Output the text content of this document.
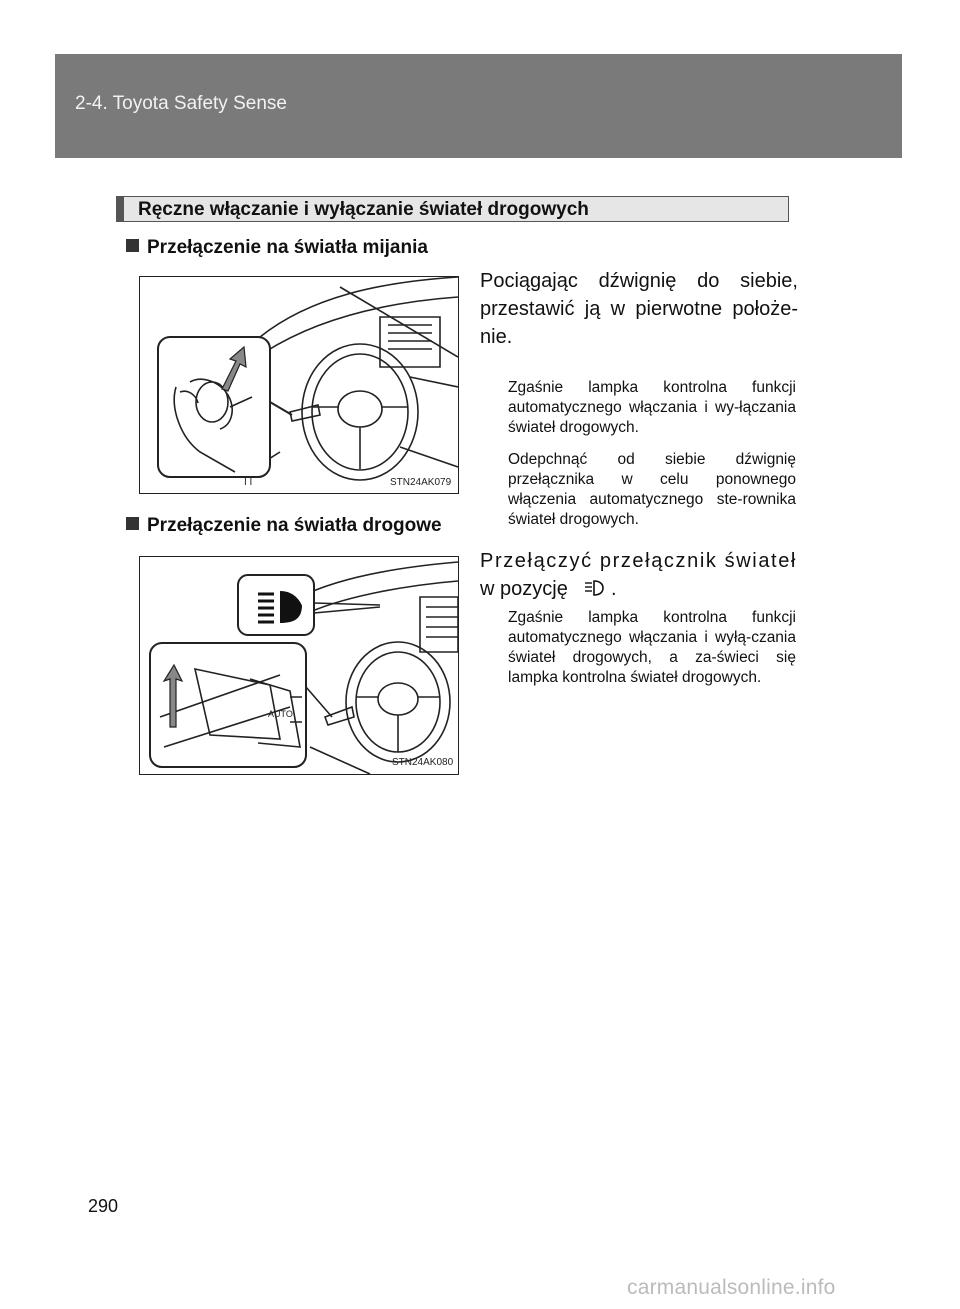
2-4. Toyota Safety Sense
Ręczne włączanie i wyłączanie świateł drogowych
Przełączenie na światła mijania
STN24AK079
I I
Pociągając dźwignię do siebie, przestawić ją w pierwotne położe-nie.
Zgaśnie lampka kontrolna funkcji automatycznego włączania i wy-łączania świateł drogowych.
Odepchnąć od siebie dźwignię przełącznika w celu ponownego włączenia automatycznego ste-rownika świateł drogowych.
Przełączenie na światła drogowe
AUTO
STN24AK080
Przełączyć przełącznik świateł
w pozycję .
Zgaśnie lampka kontrolna funkcji automatycznego włączania i wyłą-czania świateł drogowych, a za-świeci się lampka kontrolna świateł drogowych.
290
carmanualsonline.info
